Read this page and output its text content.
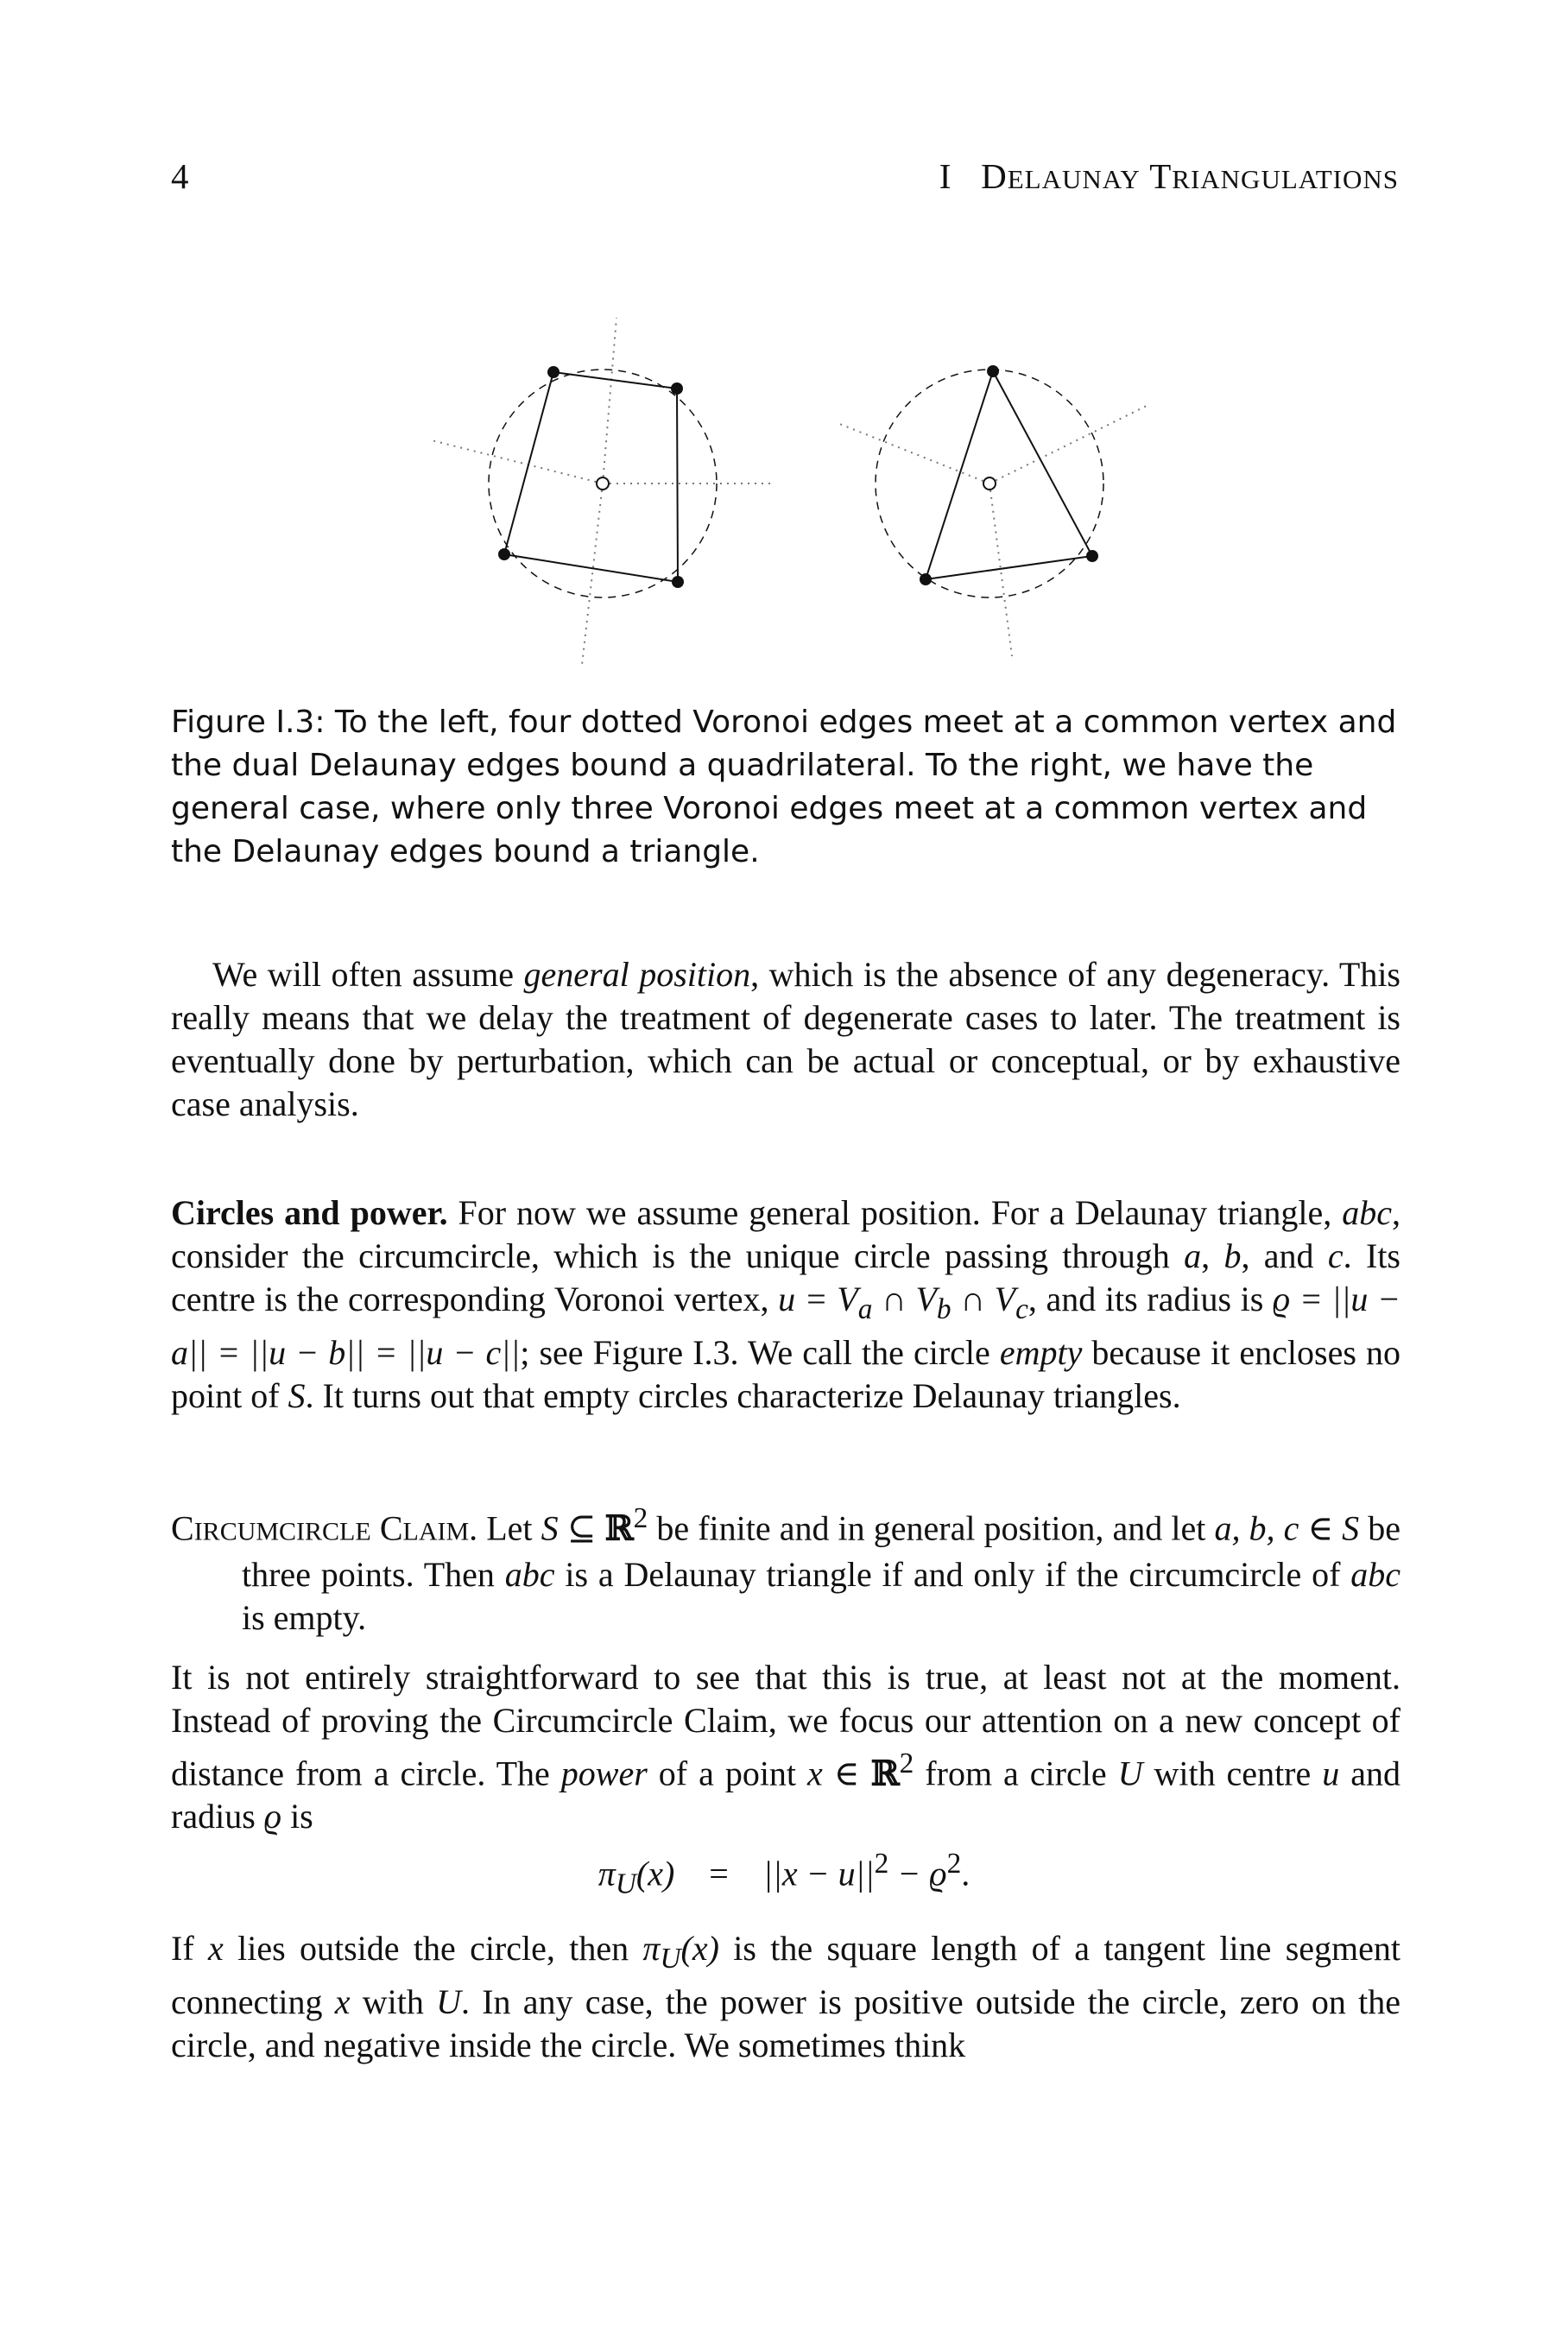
4	I DELAUNAY TRIANGULATIONS
Figure I.3: To the left, four dotted Voronoi edges meet at a common vertex and the dual Delaunay edges bound a quadrilateral. To the right, we have the general case, where only three Voronoi edges meet at a common vertex and the Delaunay edges bound a triangle.
We will often assume general position, which is the absence of any degeneracy. This really means that we delay the treatment of degenerate cases to later. The treatment is eventually done by perturbation, which can be actual or conceptual, or by exhaustive case analysis.
Circles and power. For now we assume general position. For a Delaunay triangle, abc, consider the circumcircle, which is the unique circle passing through a, b, and c. Its centre is the corresponding Voronoi vertex, $u = V_a$ ∩ $V_b$ ∩ $V_c$, and its radius is ϱ = ||u − a|| = ||u − b|| = ||u − c||; see Figure I.3. We call the circle empty because it encloses no point of S. It turns out that empty circles characterize Delaunay triangles.
CIRCUMCIRCLE CLAIM. Let S ⊆ ℝ$^2$ be finite and in general position, and let a, b, c ∈ S be three points. Then abc is a Delaunay triangle if and only if the circumcircle of abc is empty.
It is not entirely straightforward to see that this is true, at least not at the moment. Instead of proving the Circumcircle Claim, we focus our attention on a new concept of distance from a circle. The power of a point x ∈ ℝ$^2$ from a circle U with centre u and radius ϱ is
$\pi_U(x) = ||x - u||^2 - ϱ^2$.
If x lies outside the circle, then $\pi_U(x)$ is the square length of a tangent line segment connecting x with U. In any case, the power is positive outside the circle, zero on the circle, and negative inside the circle. We sometimes think
